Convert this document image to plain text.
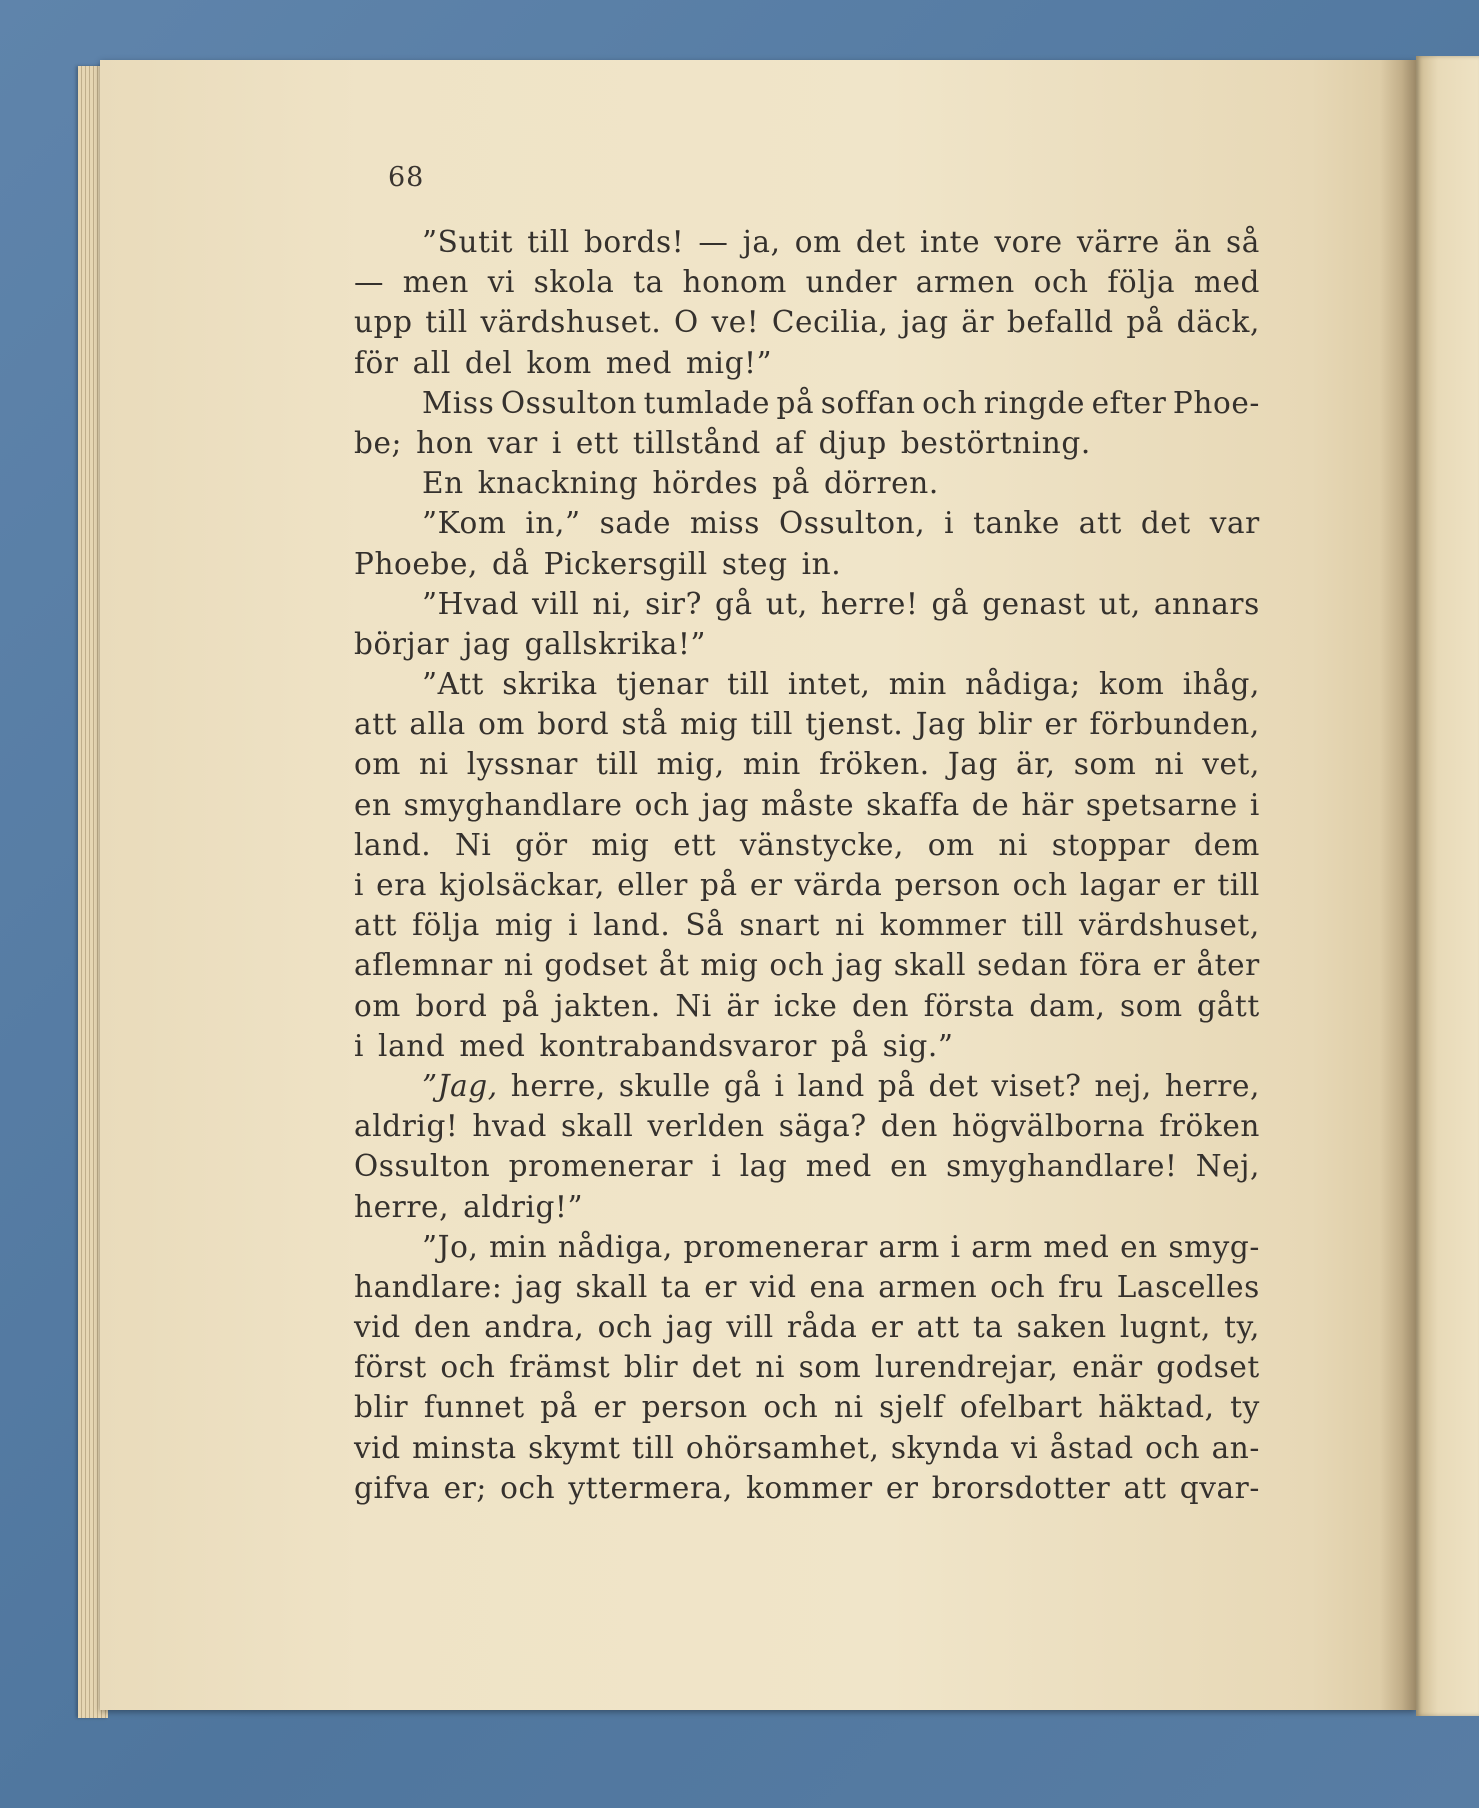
68
”Sutit till bords! — ja, om det inte vore värre än så
— men vi skola ta honom under armen och följa med
upp till värdshuset. O ve! Cecilia, jag är befalld på däck,
för all del kom med mig!”
Miss Ossulton tumlade på soffan och ringde efter Phoe-
be; hon var i ett tillstånd af djup bestörtning.
En knackning hördes på dörren.
”Kom in,” sade miss Ossulton, i tanke att det var
Phoebe, då Pickersgill steg in.
”Hvad vill ni, sir? gå ut, herre! gå genast ut, annars
börjar jag gallskrika!”
”Att skrika tjenar till intet, min nådiga; kom ihåg,
att alla om bord stå mig till tjenst. Jag blir er förbunden,
om ni lyssnar till mig, min fröken. Jag är, som ni vet,
en smyghandlare och jag måste skaffa de här spetsarne i
land. Ni gör mig ett vänstycke, om ni stoppar dem
i era kjolsäckar, eller på er värda person och lagar er till
att följa mig i land. Så snart ni kommer till värdshuset,
aflemnar ni godset åt mig och jag skall sedan föra er åter
om bord på jakten. Ni är icke den första dam, som gått
i land med kontrabandsvaror på sig.”
”Jag, herre, skulle gå i land på det viset? nej, herre,
aldrig! hvad skall verlden säga? den högvälborna fröken
Ossulton promenerar i lag med en smyghandlare! Nej,
herre, aldrig!”
”Jo, min nådiga, promenerar arm i arm med en smyg-
handlare: jag skall ta er vid ena armen och fru Lascelles
vid den andra, och jag vill råda er att ta saken lugnt, ty,
först och främst blir det ni som lurendrejar, enär godset
blir funnet på er person och ni sjelf ofelbart häktad, ty
vid minsta skymt till ohörsamhet, skynda vi åstad och an-
gifva er; och yttermera, kommer er brorsdotter att qvar-
